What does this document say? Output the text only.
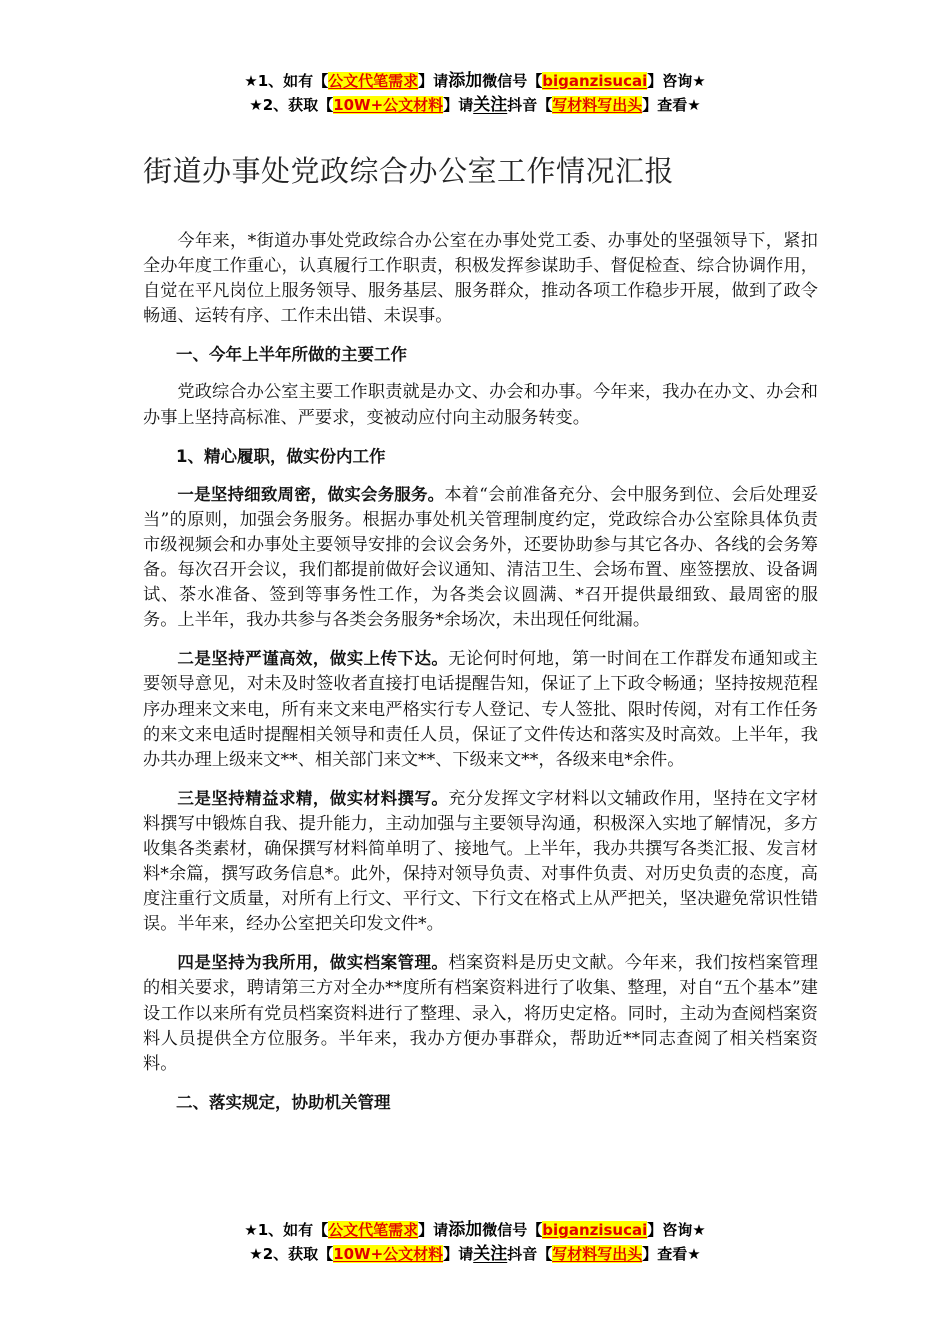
★1、如有【公文代笔需求】请添加微信号【biganzisucai】咨询★
★2、获取【10W+公文材料】请关注抖音【写材料写出头】查看★
街道办事处党政综合办公室工作情况汇报

今年来，*街道办事处党政综合办公室在办事处党工委、办事处的坚强领导下，紧扣全办年度工作重心，认真履行工作职责，积极发挥参谋助手、督促检查、综合协调作用，自觉在平凡岗位上服务领导、服务基层、服务群众，推动各项工作稳步开展，做到了政令畅通、运转有序、工作未出错、未误事。

一、今年上半年所做的主要工作

党政综合办公室主要工作职责就是办文、办会和办事。今年来，我办在办文、办会和办事上坚持高标准、严要求，变被动应付向主动服务转变。

1、精心履职，做实份内工作

一是坚持细致周密，做实会务服务。本着“会前准备充分、会中服务到位、会后处理妥当”的原则，加强会务服务。根据办事处机关管理制度约定，党政综合办公室除具体负责市级视频会和办事处主要领导安排的会议会务外，还要协助参与其它各办、各线的会务筹备。每次召开会议，我们都提前做好会议通知、清洁卫生、会场布置、座签摆放、设备调试、茶水准备、签到等事务性工作，为各类会议圆满、*召开提供最细致、最周密的服务。上半年，我办共参与各类会务服务*余场次，未出现任何纰漏。

二是坚持严谨高效，做实上传下达。无论何时何地，第一时间在工作群发布通知或主要领导意见，对未及时签收者直接打电话提醒告知，保证了上下政令畅通；坚持按规范程序办理来文来电，所有来文来电严格实行专人登记、专人签批、限时传阅，对有工作任务的来文来电适时提醒相关领导和责任人员，保证了文件传达和落实及时高效。上半年，我办共办理上级来文**、相关部门来文**、下级来文**，各级来电*余件。

三是坚持精益求精，做实材料撰写。充分发挥文字材料以文辅政作用，坚持在文字材料撰写中锻炼自我、提升能力，主动加强与主要领导沟通，积极深入实地了解情况，多方收集各类素材，确保撰写材料简单明了、接地气。上半年，我办共撰写各类汇报、发言材料*余篇，撰写政务信息*。此外，保持对领导负责、对事件负责、对历史负责的态度，高度注重行文质量，对所有上行文、平行文、下行文在格式上从严把关，坚决避免常识性错误。半年来，经办公室把关印发文件*。

四是坚持为我所用，做实档案管理。档案资料是历史文献。今年来，我们按档案管理的相关要求，聘请第三方对全办**度所有档案资料进行了收集、整理，对自“五个基本”建设工作以来所有党员档案资料进行了整理、录入，将历史定格。同时，主动为查阅档案资料人员提供全方位服务。半年来，我办方便办事群众，帮助近**同志查阅了相关档案资料。

二、落实规定，协助机关管理

★1、如有【公文代笔需求】请添加微信号【biganzisucai】咨询★
★2、获取【10W+公文材料】请关注抖音【写材料写出头】查看★
